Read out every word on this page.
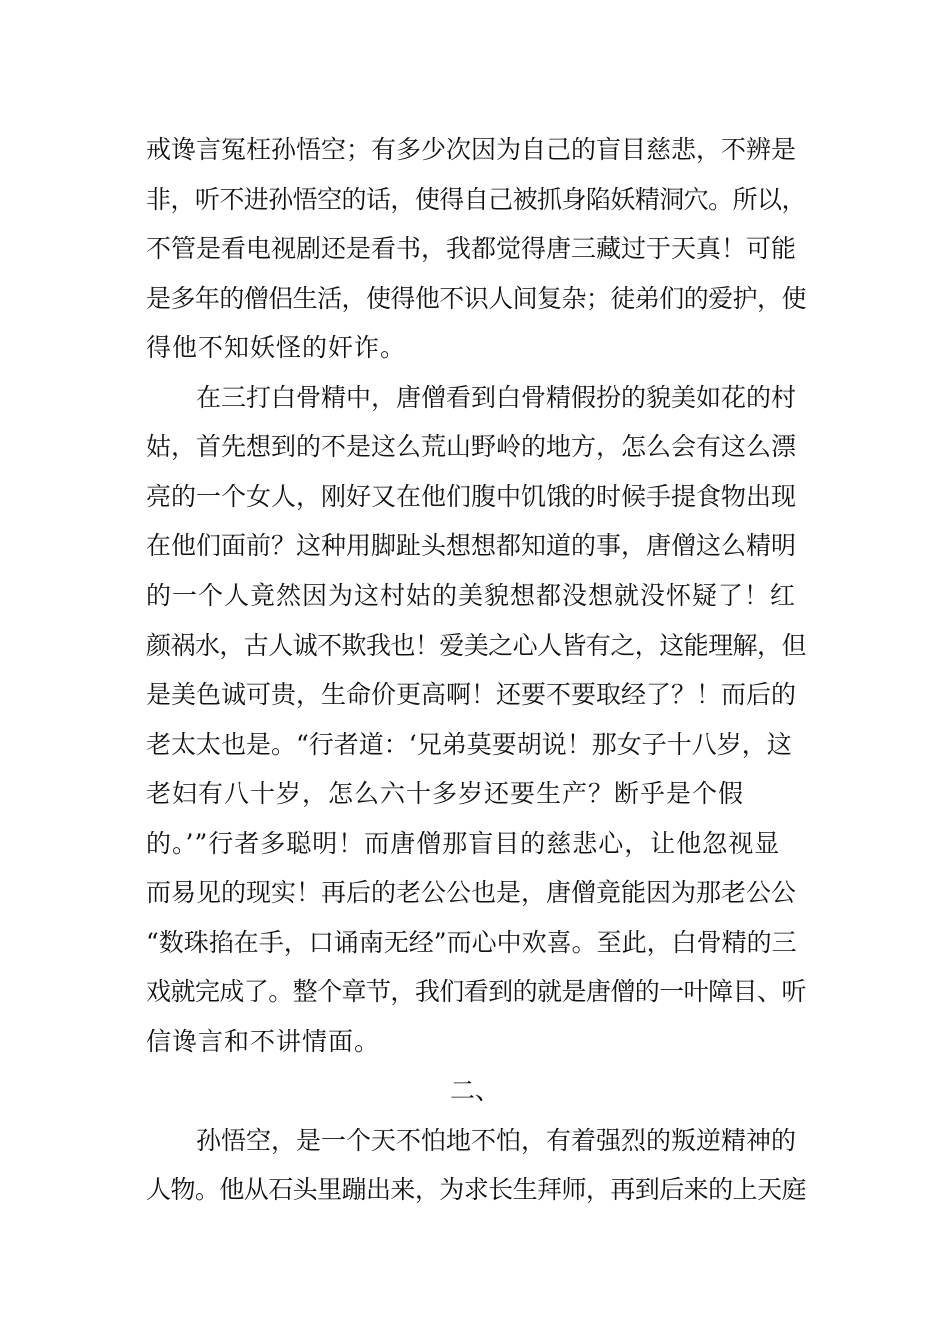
戒谗言冤枉孙悟空；有多少次因为自己的盲目慈悲，不辨是
非，听不进孙悟空的话，使得自己被抓身陷妖精洞穴。所以，
不管是看电视剧还是看书，我都觉得唐三藏过于天真！可能
是多年的僧侣生活，使得他不识人间复杂；徒弟们的爱护，使
得他不知妖怪的奸诈。
在三打白骨精中，唐僧看到白骨精假扮的貌美如花的村
姑，首先想到的不是这么荒山野岭的地方，怎么会有这么漂
亮的一个女人，刚好又在他们腹中饥饿的时候手提食物出现
在他们面前？这种用脚趾头想想都知道的事，唐僧这么精明
的一个人竟然因为这村姑的美貌想都没想就没怀疑了！红
颜祸水，古人诚不欺我也！爱美之心人皆有之，这能理解，但
是美色诚可贵，生命价更高啊！还要不要取经了？！而后的
老太太也是。“行者道：‘兄弟莫要胡说！那女子十八岁，这
老妇有八十岁，怎么六十多岁还要生产？断乎是个假
的。’”行者多聪明！而唐僧那盲目的慈悲心，让他忽视显
而易见的现实！再后的老公公也是，唐僧竟能因为那老公公
“数珠掐在手，口诵南无经”而心中欢喜。至此，白骨精的三
戏就完成了。整个章节，我们看到的就是唐僧的一叶障目、听
信谗言和不讲情面。
二、
孙悟空，是一个天不怕地不怕，有着强烈的叛逆精神的
人物。他从石头里蹦出来，为求长生拜师，再到后来的上天庭
